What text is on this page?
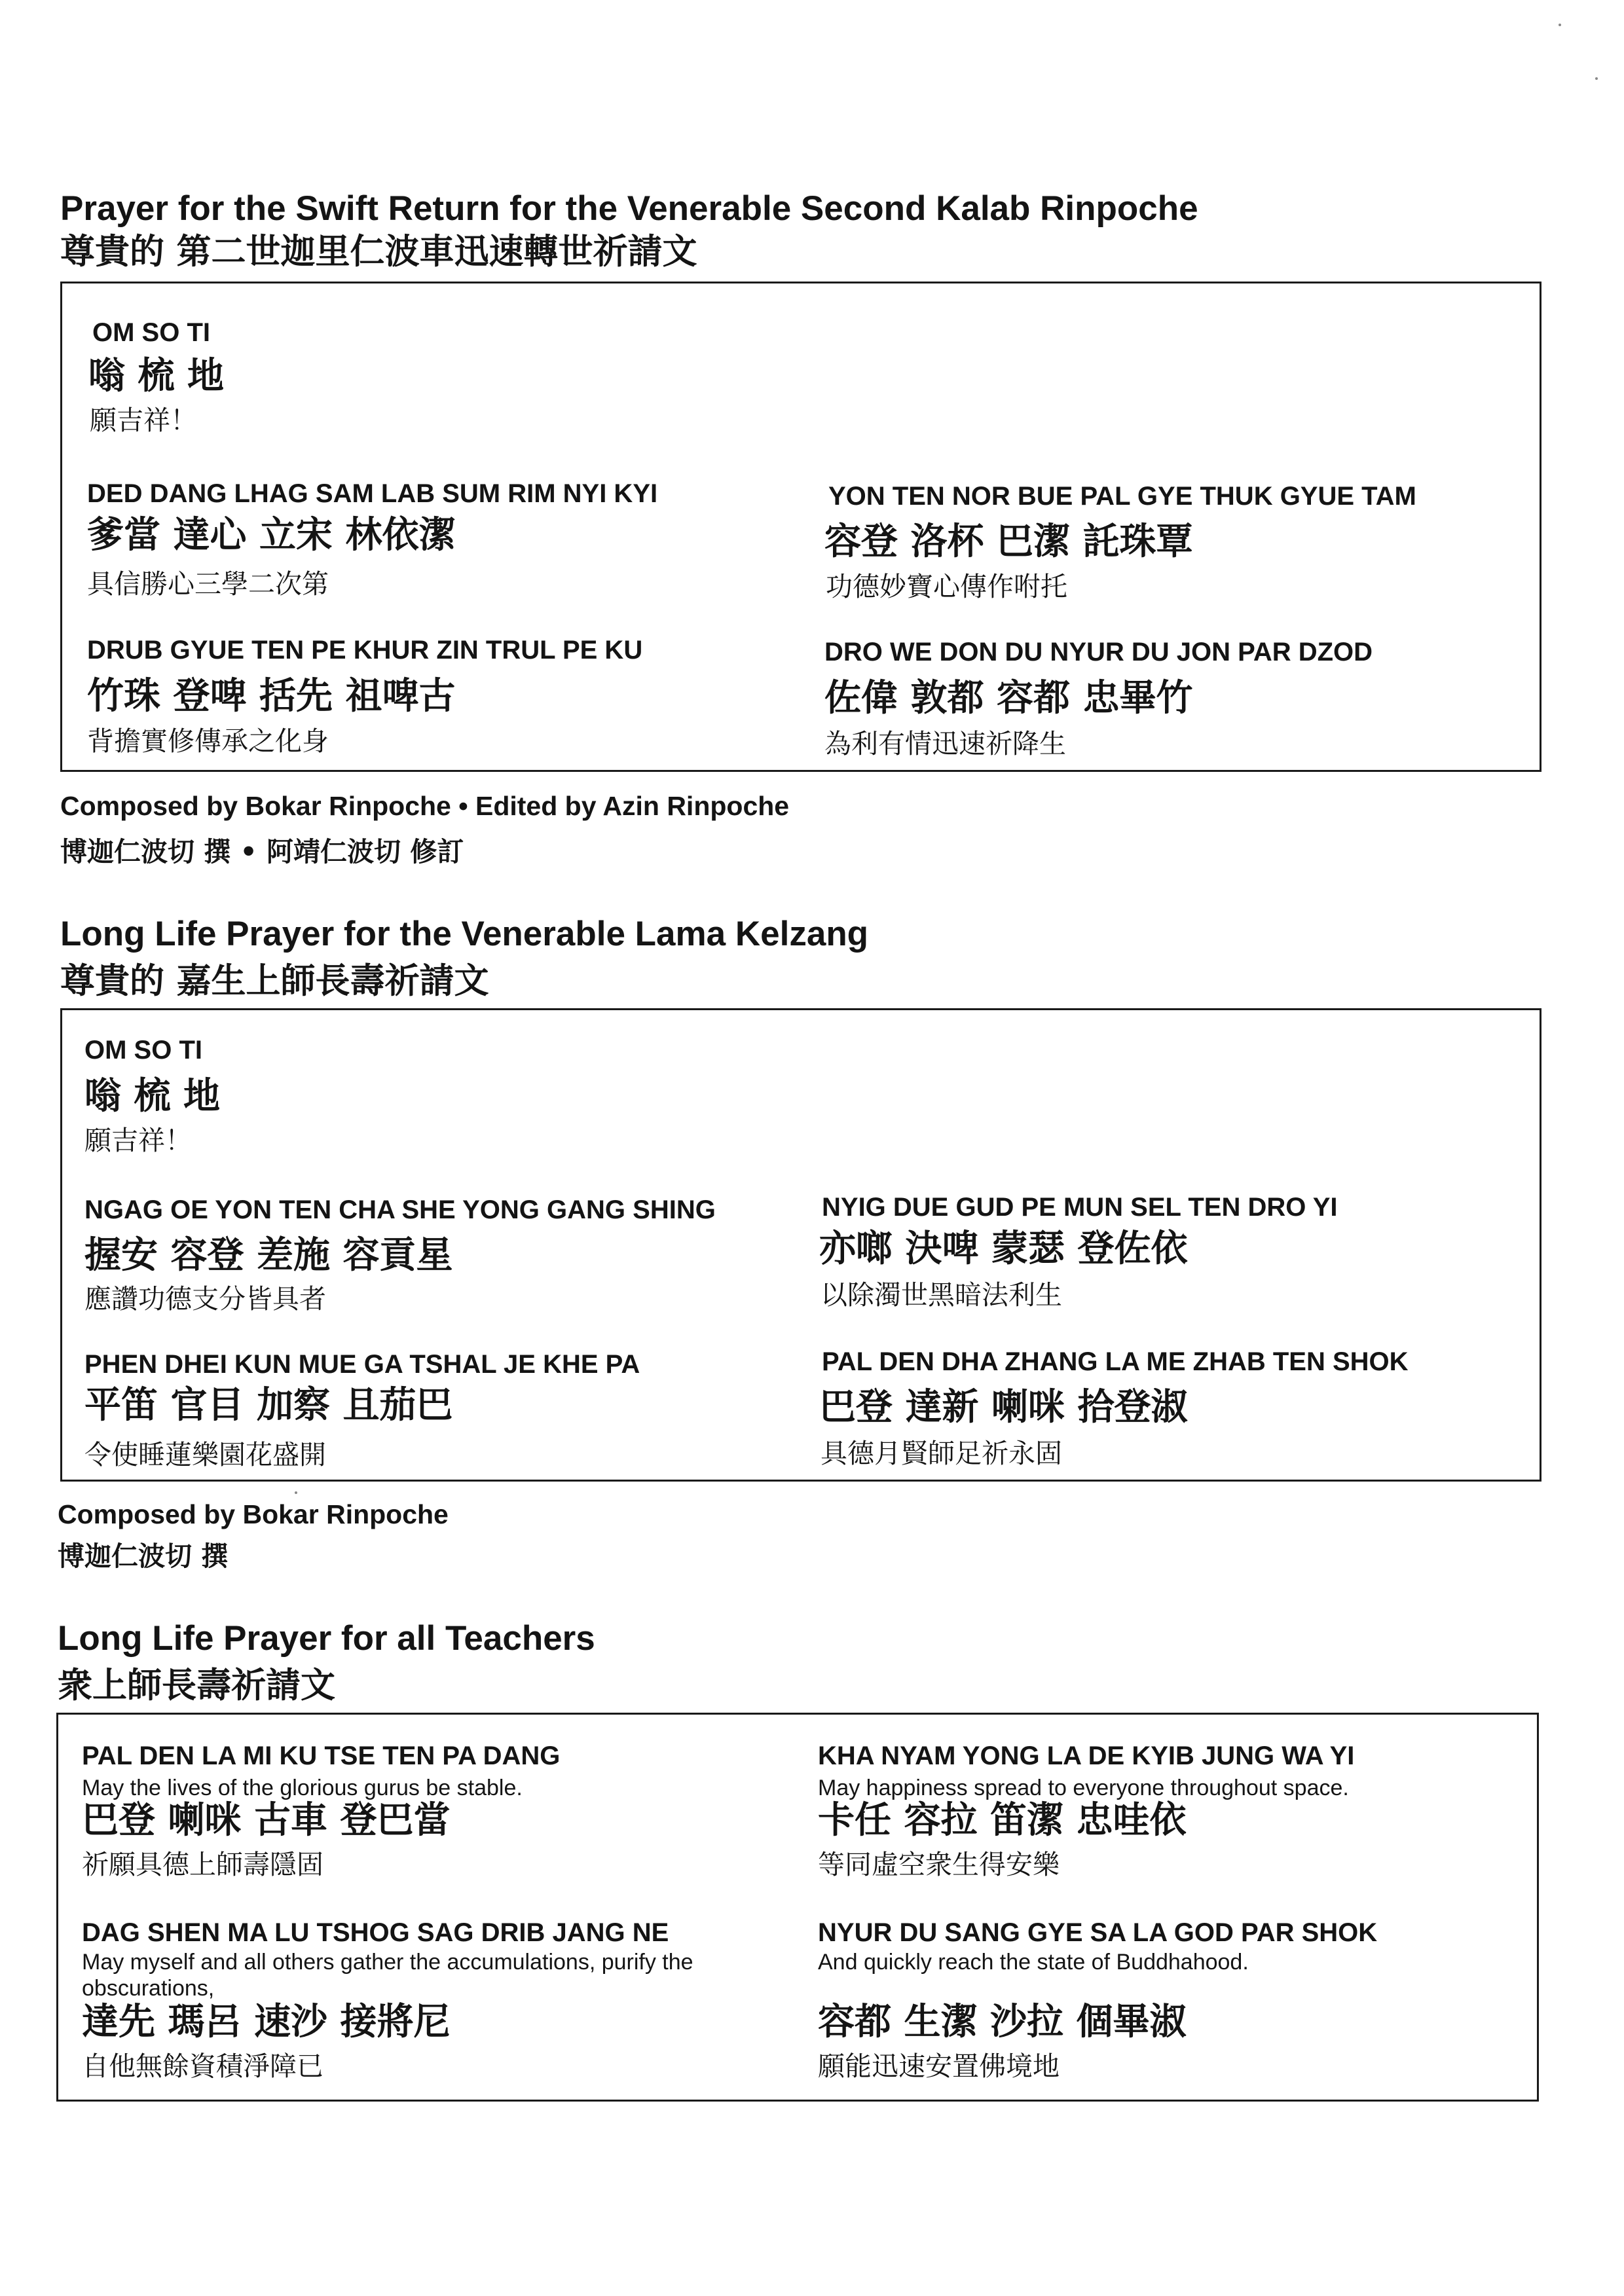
Prayer for the Swift Return for the Venerable Second Kalab Rinpoche
尊貴的 第二世迦里仁波車迅速轉世祈請文
OM SO TI
嗡 梳 地
願吉祥！
DED DANG LHAG SAM LAB SUM RIM NYI KYI
爹當 達心 立宋 林依潔
具信勝心三學二次第
YON TEN NOR BUE PAL GYE THUK GYUE TAM
容登 洛杯 巴潔 託珠覃
功德妙寶心傳作咐托
DRUB GYUE TEN PE KHUR ZIN TRUL PE KU
竹珠 登啤 括先 祖啤古
背擔實修傳承之化身
DRO WE DON DU NYUR DU JON PAR DZOD
佐偉 敦都 容都 忠畢竹
為利有情迅速祈降生
Composed by Bokar Rinpoche • Edited by Azin Rinpoche
博迦仁波切 撰 • 阿靖仁波切 修訂
Long Life Prayer for the Venerable Lama Kelzang
尊貴的 嘉生上師長壽祈請文
OM SO TI
嗡 梳 地
願吉祥！
NGAG OE YON TEN CHA SHE YONG GANG SHING
握安 容登 差施 容貢星
應讚功德支分皆具者
NYIG DUE GUD PE MUN SEL TEN DRO YI
亦啷 決啤 蒙瑟 登佐依
以除濁世黑暗法利生
PHEN DHEI KUN MUE GA TSHAL JE KHE PA
平笛 官目 加察 且茄巴
令使睡蓮樂園花盛開
PAL DEN DHA ZHANG LA ME ZHAB TEN SHOK
巴登 達新 喇咪 拾登淑
具德月賢師足祈永固
Composed by Bokar Rinpoche
博迦仁波切 撰
Long Life Prayer for all Teachers
衆上師長壽祈請文
PAL DEN LA MI KU TSE TEN PA DANG
May the lives of the glorious gurus be stable.
巴登 喇咪 古車 登巴當
祈願具德上師壽隱固
KHA NYAM YONG LA DE KYIB JUNG WA YI
May happiness spread to everyone throughout space.
卡任 容拉 笛潔 忠哇依
等同虛空衆生得安樂
DAG SHEN MA LU TSHOG SAG DRIB JANG NE
May myself and all others gather the accumulations, purify the obscurations,
達先 瑪呂 速沙 接將尼
自他無餘資積淨障已
NYUR DU SANG GYE SA LA GOD PAR SHOK
And quickly reach the state of Buddhahood.
容都 生潔 沙拉 個畢淑
願能迅速安置佛境地
